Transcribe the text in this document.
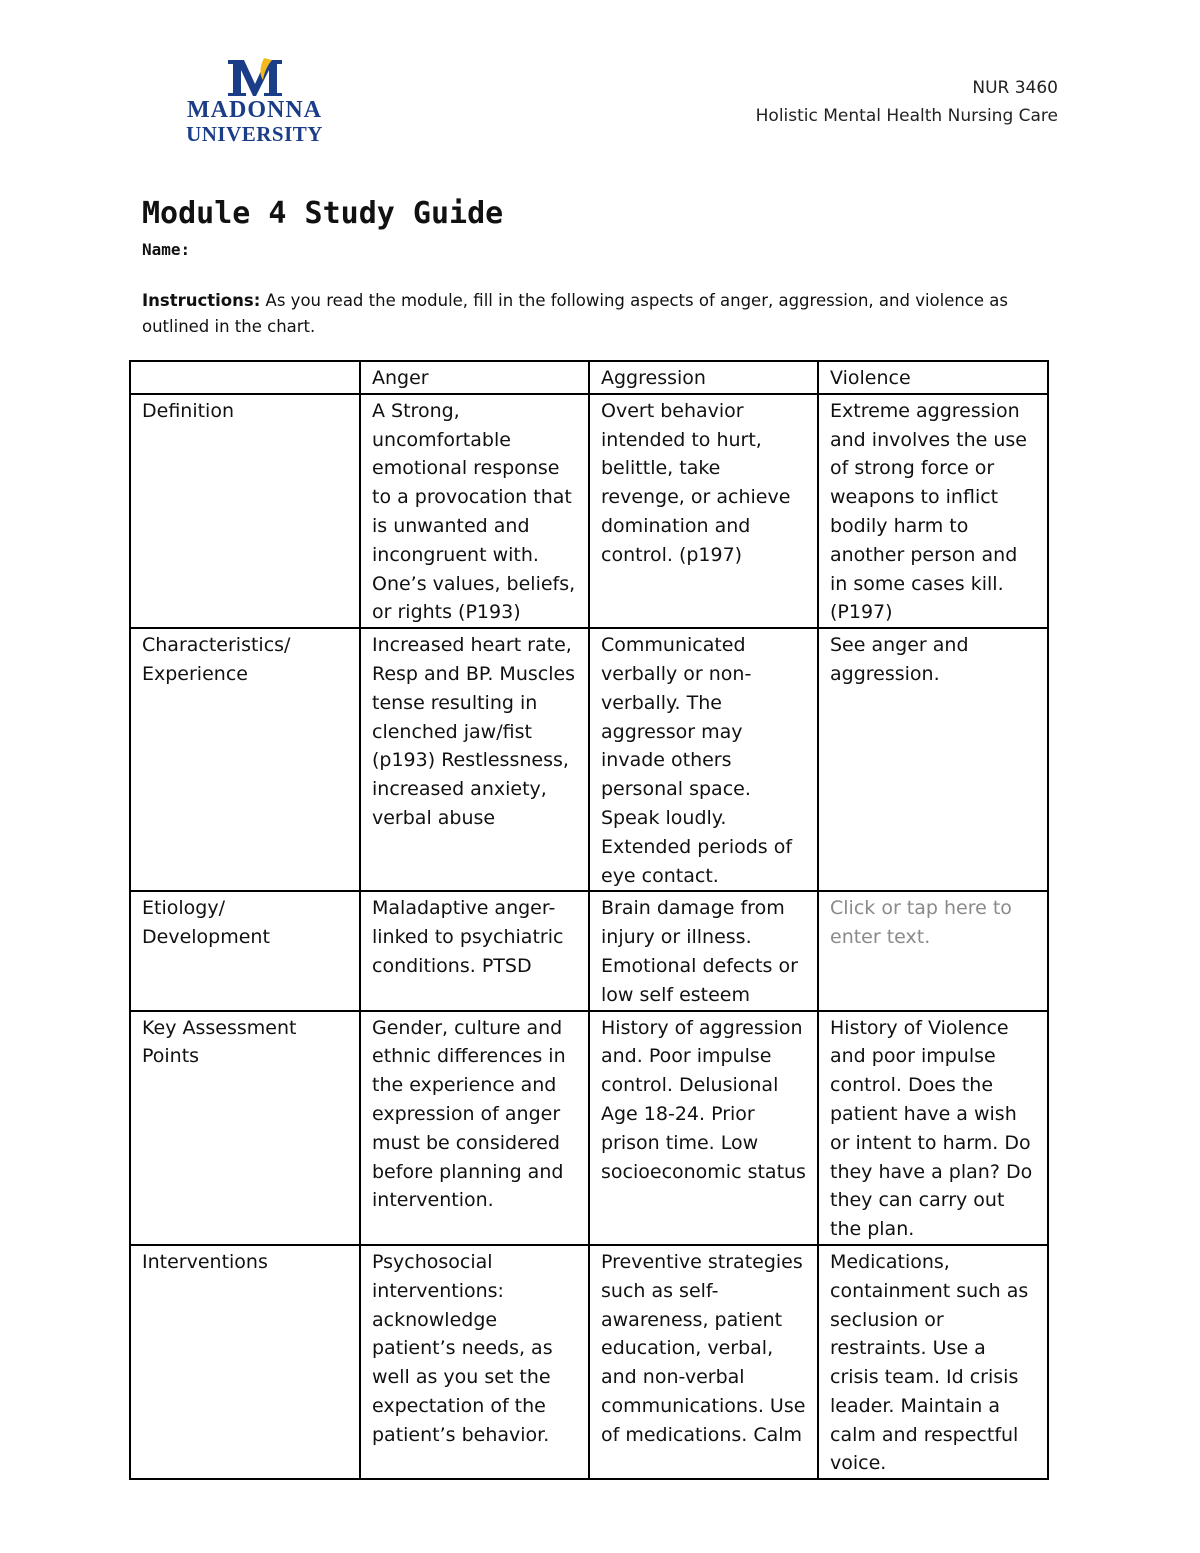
MADONNA
UNIVERSITY
NUR 3460
Holistic Mental Health Nursing Care
Module 4 Study Guide
Name:
Instructions: As you read the module, fill in the following aspects of anger, aggression, and violence as outlined in the chart.
	Anger	Aggression	Violence
Definition	A Strong, uncomfortable emotional response to a provocation that is unwanted and incongruent with. One’s values, beliefs, or rights (P193)	Overt behavior intended to hurt, belittle, take revenge, or achieve domination and control. (p197)	Extreme aggression and involves the use of strong force or weapons to inflict bodily harm to another person and in some cases kill. (P197)
Characteristics/ Experience	Increased heart rate, Resp and BP. Muscles tense resulting in clenched jaw/fist (p193) Restlessness, increased anxiety, verbal abuse	Communicated verbally or non-verbally. The aggressor may invade others personal space. Speak loudly. Extended periods of eye contact.	See anger and aggression.
Etiology/ Development	Maladaptive anger-linked to psychiatric conditions. PTSD	Brain damage from injury or illness. Emotional defects or low self esteem	Click or tap here to enter text.
Key Assessment Points	Gender, culture and ethnic differences in the experience and expression of anger must be considered before planning and intervention.	History of aggression and. Poor impulse control. Delusional Age 18-24. Prior prison time. Low socioeconomic status	History of Violence and poor impulse control. Does the patient have a wish or intent to harm. Do they have a plan? Do they can carry out the plan.
Interventions	Psychosocial interventions: acknowledge patient’s needs, as well as you set the expectation of the patient’s behavior.	Preventive strategies such as self-awareness, patient education, verbal, and non-verbal communications. Use of medications. Calm	Medications, containment such as seclusion or restraints. Use a crisis team. Id crisis leader. Maintain a calm and respectful voice.
